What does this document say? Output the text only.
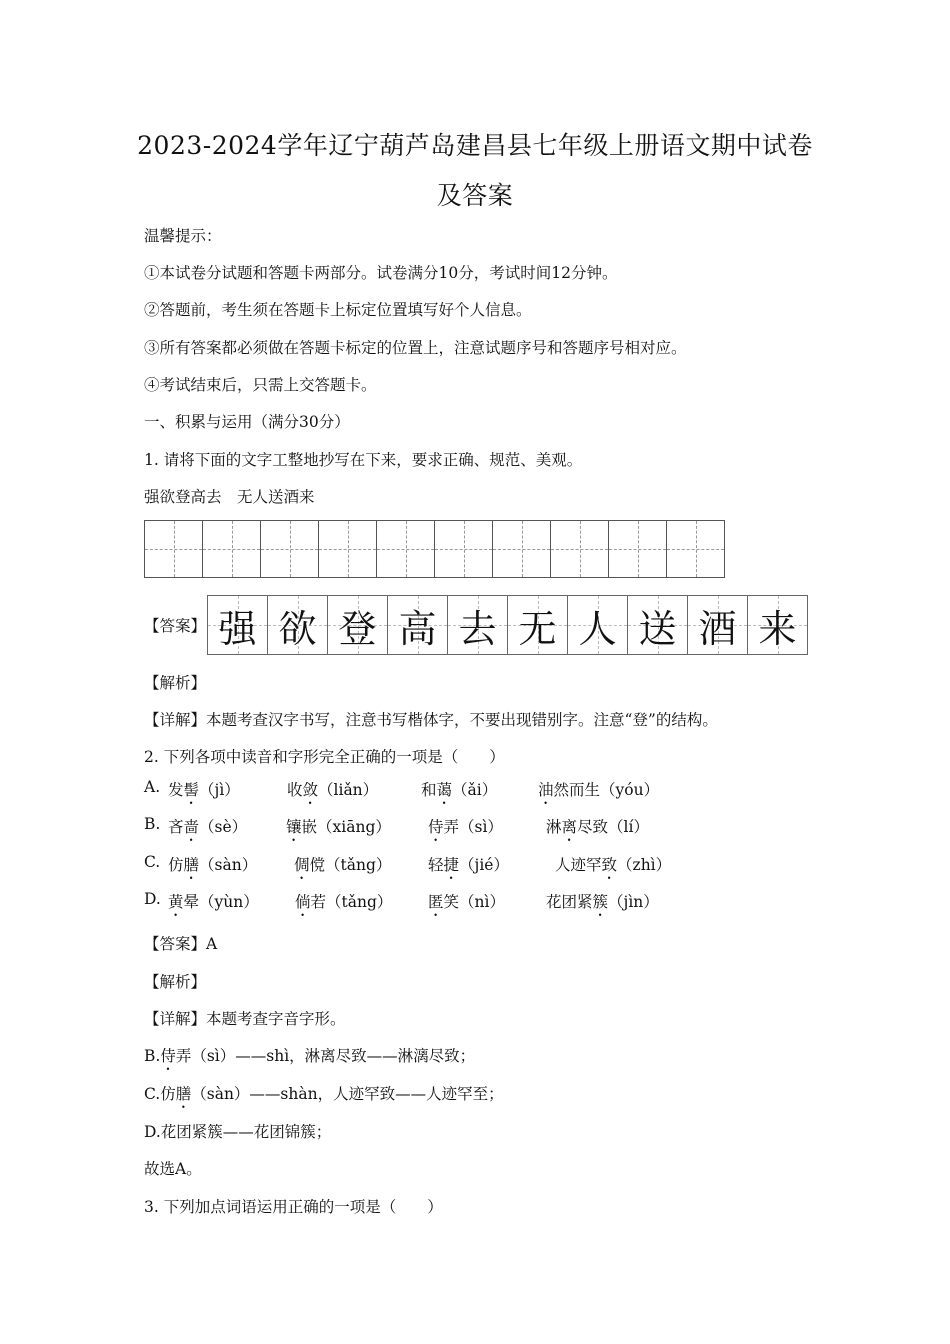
2023-2024学年辽宁葫芦岛建昌县七年级上册语文期中试卷
及答案
温馨提示：
①本试卷分试题和答题卡两部分。试卷满分10分，考试时间12分钟。
②答题前，考生须在答题卡上标定位置填写好个人信息。
③所有答案都必须做在答题卡标定的位置上，注意试题序号和答题序号相对应。
④考试结束后，只需上交答题卡。
一、积累与运用（满分30分）
1. 请将下面的文字工整地抄写在下来，要求正确、规范、美观。
强欲登高去　无人送酒来
【答案】 强 欲 登 高 去 无 人 送 酒 来
【解析】
【详解】本题考查汉字书写，注意书写楷体字，不要出现错别字。注意“登”的结构。
2. 下列各项中读音和字形完全正确的一项是（　　）
A. 发髻（jì）	收敛（liǎn）	和蔼（ǎi）	油然而生（yóu）
B. 吝啬（sè）	镶嵌（xiāng） 侍弄（sì）	淋离尽致（lí）
C. 仿膳（sàn） 倜傥（tǎng） 轻捷（jié）	人迹罕致（zhì）
D. 黄晕（yùn） 倘若（tǎng） 匿笑（nì）	花团紧簇（jìn）
【答案】A
【解析】
【详解】本题考查字音字形。
B.侍弄（sì）——shì，淋离尽致——淋漓尽致；
C.仿膳（sàn）——shàn，人迹罕致——人迹罕至；
D.花团紧簇——花团锦簇；
故选A。
3. 下列加点词语运用正确的一项是（　　）
